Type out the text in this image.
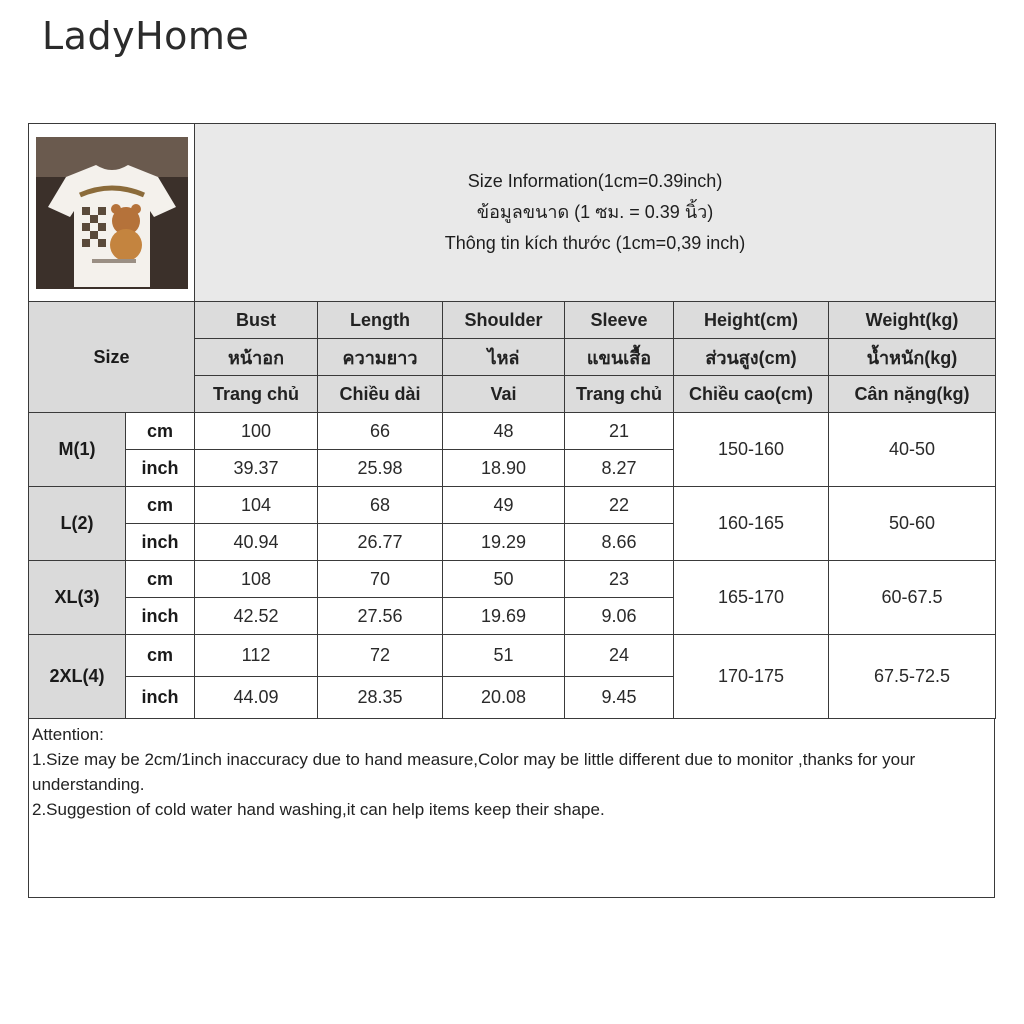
LadyHome

Size Information(1cm=0.39inch)
ข้อมูลขนาด (1 ซม. = 0.39 นิ้ว)
Thông tin kích thước (1cm=0,39 inch)					

Size		Bust	Length	Shoulder	Sleeve	Height(cm)	Weight(kg)
		หน้าอก	ความยาว	ไหล่	แขนเสื้อ	ส่วนสูง(cm)	น้ำหนัก(kg)
		Trang chủ	Chiều dài	Vai	Trang chủ	Chiều cao(cm)	Cân nặng(kg)
M(1)	cm	100	66	48	21	150-160	40-50
	inch	39.37	25.98	18.90	8.27		
L(2)	cm	104	68	49	22	160-165	50-60
	inch	40.94	26.77	19.29	8.66		
XL(3)	cm	108	70	50	23	165-170	60-67.5
	inch	42.52	27.56	19.69	9.06		
2XL(4)	cm	112	72	51	24	170-175	67.5-72.5
	inch	44.09	28.35	20.08	9.45		
Attention:
1.Size may be 2cm/1inch inaccuracy due to hand measure,Color may be little different due to monitor ,thanks for your understanding.
2.Suggestion of cold water hand washing,it can help items keep their shape.
